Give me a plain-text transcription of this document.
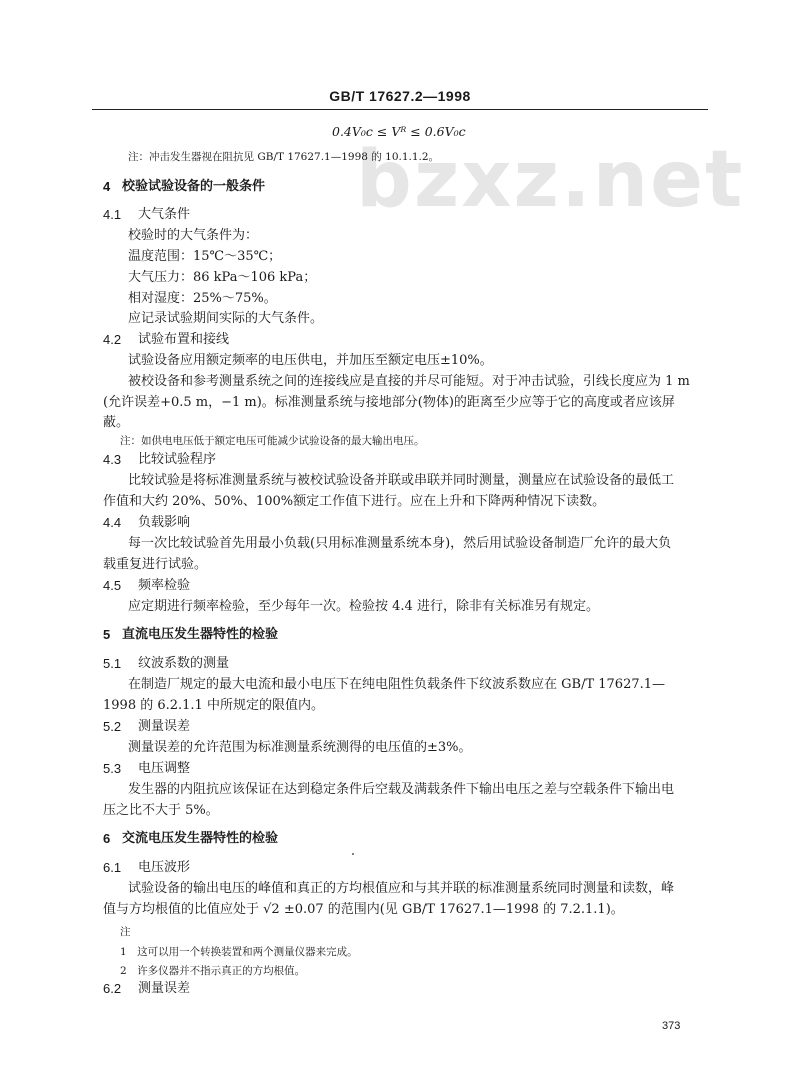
bzxz.net
GB/T 17627.2—1998
0.4V₀c ≤ Vᴿ ≤ 0.6V₀c
注：冲击发生器视在阻抗见 GB/T 17627.1—1998 的 10.1.1.2。
4 校验试验设备的一般条件
4.1 大气条件
校验时的大气条件为：
温度范围：15℃～35℃；
大气压力：86 kPa～106 kPa；
相对湿度：25%～75%。
应记录试验期间实际的大气条件。
4.2 试验布置和接线
试验设备应用额定频率的电压供电，并加压至额定电压±10%。
被校设备和参考测量系统之间的连接线应是直接的并尽可能短。对于冲击试验，引线长度应为 1 m
(允许误差+0.5 m，−1 m)。标准测量系统与接地部分(物体)的距离至少应等于它的高度或者应该屏
蔽。
注：如供电电压低于额定电压可能减少试验设备的最大输出电压。
4.3 比较试验程序
比较试验是将标准测量系统与被校试验设备并联或串联并同时测量，测量应在试验设备的最低工
作值和大约 20%、50%、100%额定工作值下进行。应在上升和下降两种情况下读数。
4.4 负载影响
每一次比较试验首先用最小负载(只用标准测量系统本身)，然后用试验设备制造厂允许的最大负
载重复进行试验。
4.5 频率检验
应定期进行频率检验，至少每年一次。检验按 4.4 进行，除非有关标准另有规定。
5 直流电压发生器特性的检验
5.1 纹波系数的测量
在制造厂规定的最大电流和最小电压下在纯电阻性负载条件下纹波系数应在 GB/T 17627.1—
1998 的 6.2.1.1 中所规定的限值内。
5.2 测量误差
测量误差的允许范围为标准测量系统测得的电压值的±3%。
5.3 电压调整
发生器的内阻抗应该保证在达到稳定条件后空载及满载条件下输出电压之差与空载条件下输出电
压之比不大于 5%。
6 交流电压发生器特性的检验
6.1 电压波形
试验设备的输出电压的峰值和真正的方均根值应和与其并联的标准测量系统同时测量和读数，峰
值与方均根值的比值应处于 √2 ±0.07 的范围内(见 GB/T 17627.1—1998 的 7.2.1.1)。
注
1　这可以用一个转换装置和两个测量仪器来完成。
2　许多仪器并不指示真正的方均根值。
6.2 测量误差
373
